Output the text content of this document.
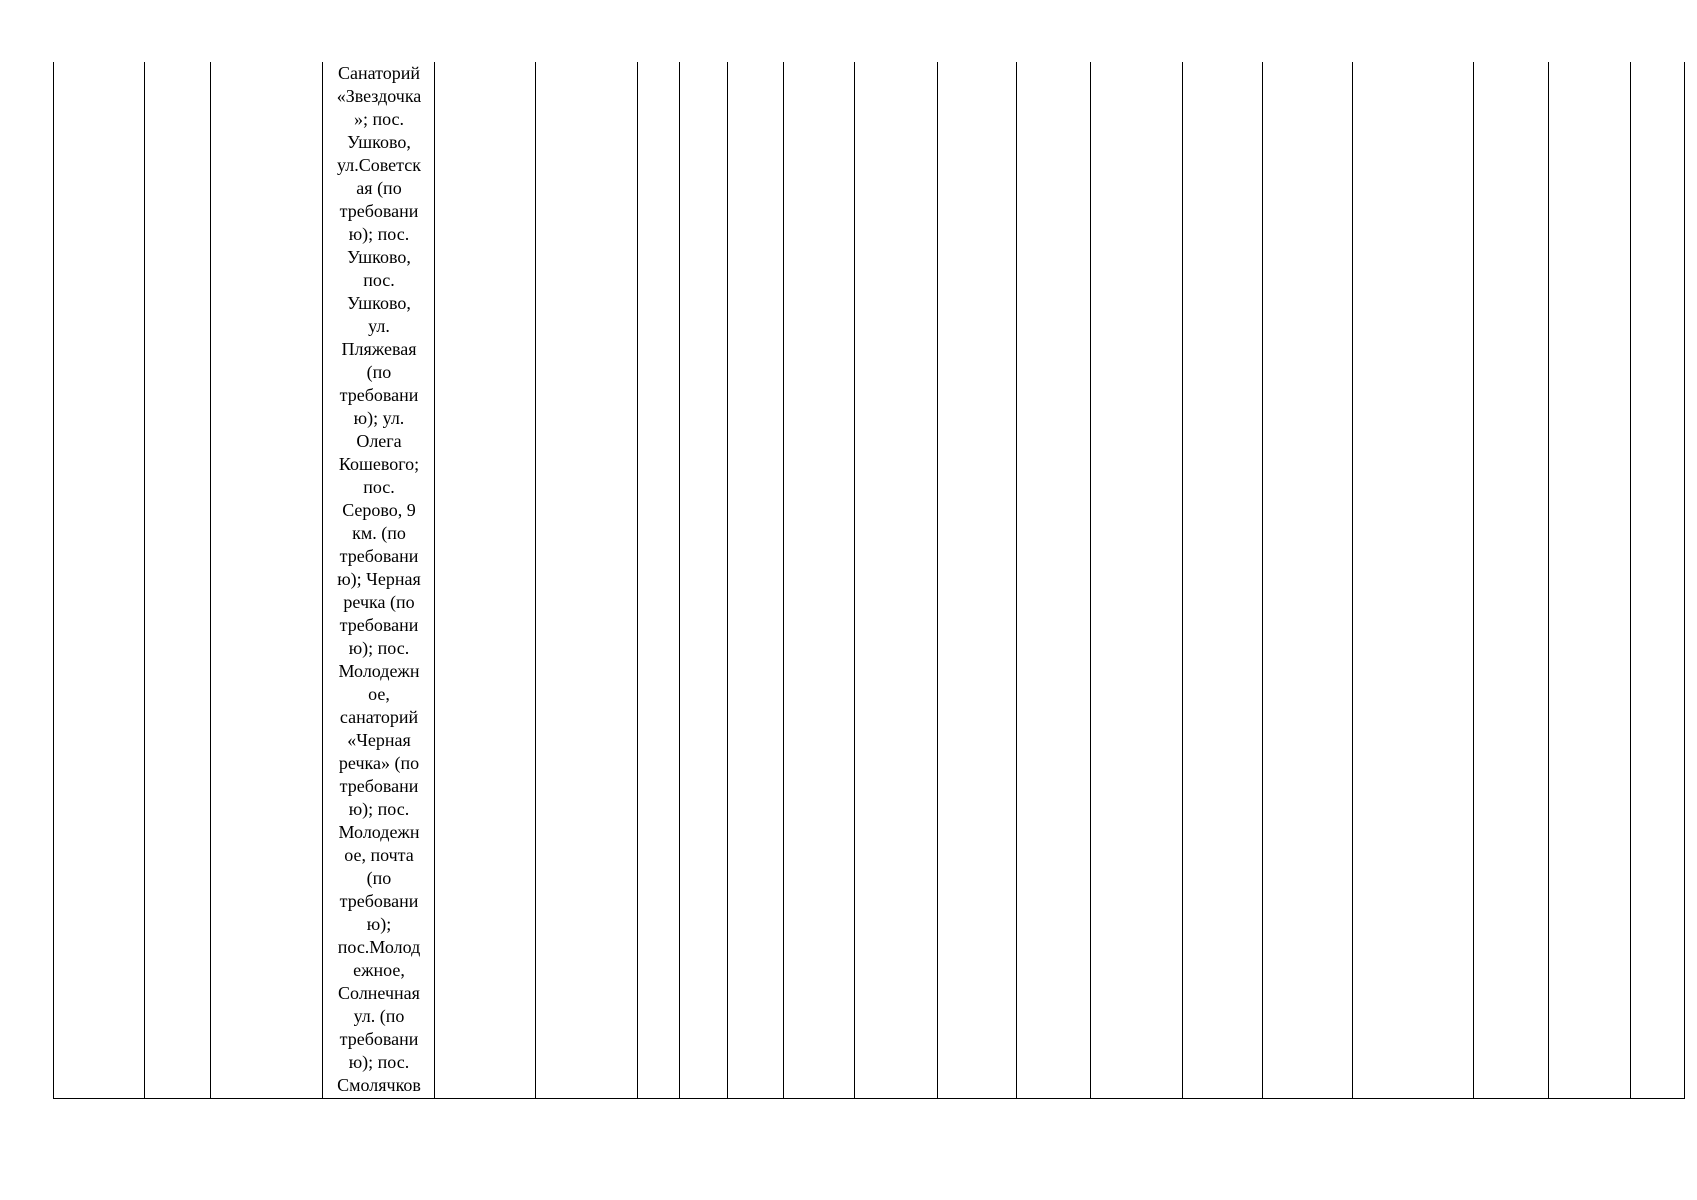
Санаторий
«Звездочка
»; пос.
Ушково,
ул.Советск
ая (по
требовани
ю); пос.
Ушково,
пос.
Ушково,
ул.
Пляжевая
(по
требовани
ю); ул.
Олега
Кошевого;
пос.
Серово, 9
км. (по
требовани
ю); Черная
речка (по
требовани
ю); пос.
Молодежн
ое,
санаторий
«Черная
речка» (по
требовани
ю); пос.
Молодежн
ое, почта
(по
требовани
ю);
пос.Молод
ежное,
Солнечная
ул. (по
требовани
ю); пос.
Смолячков
